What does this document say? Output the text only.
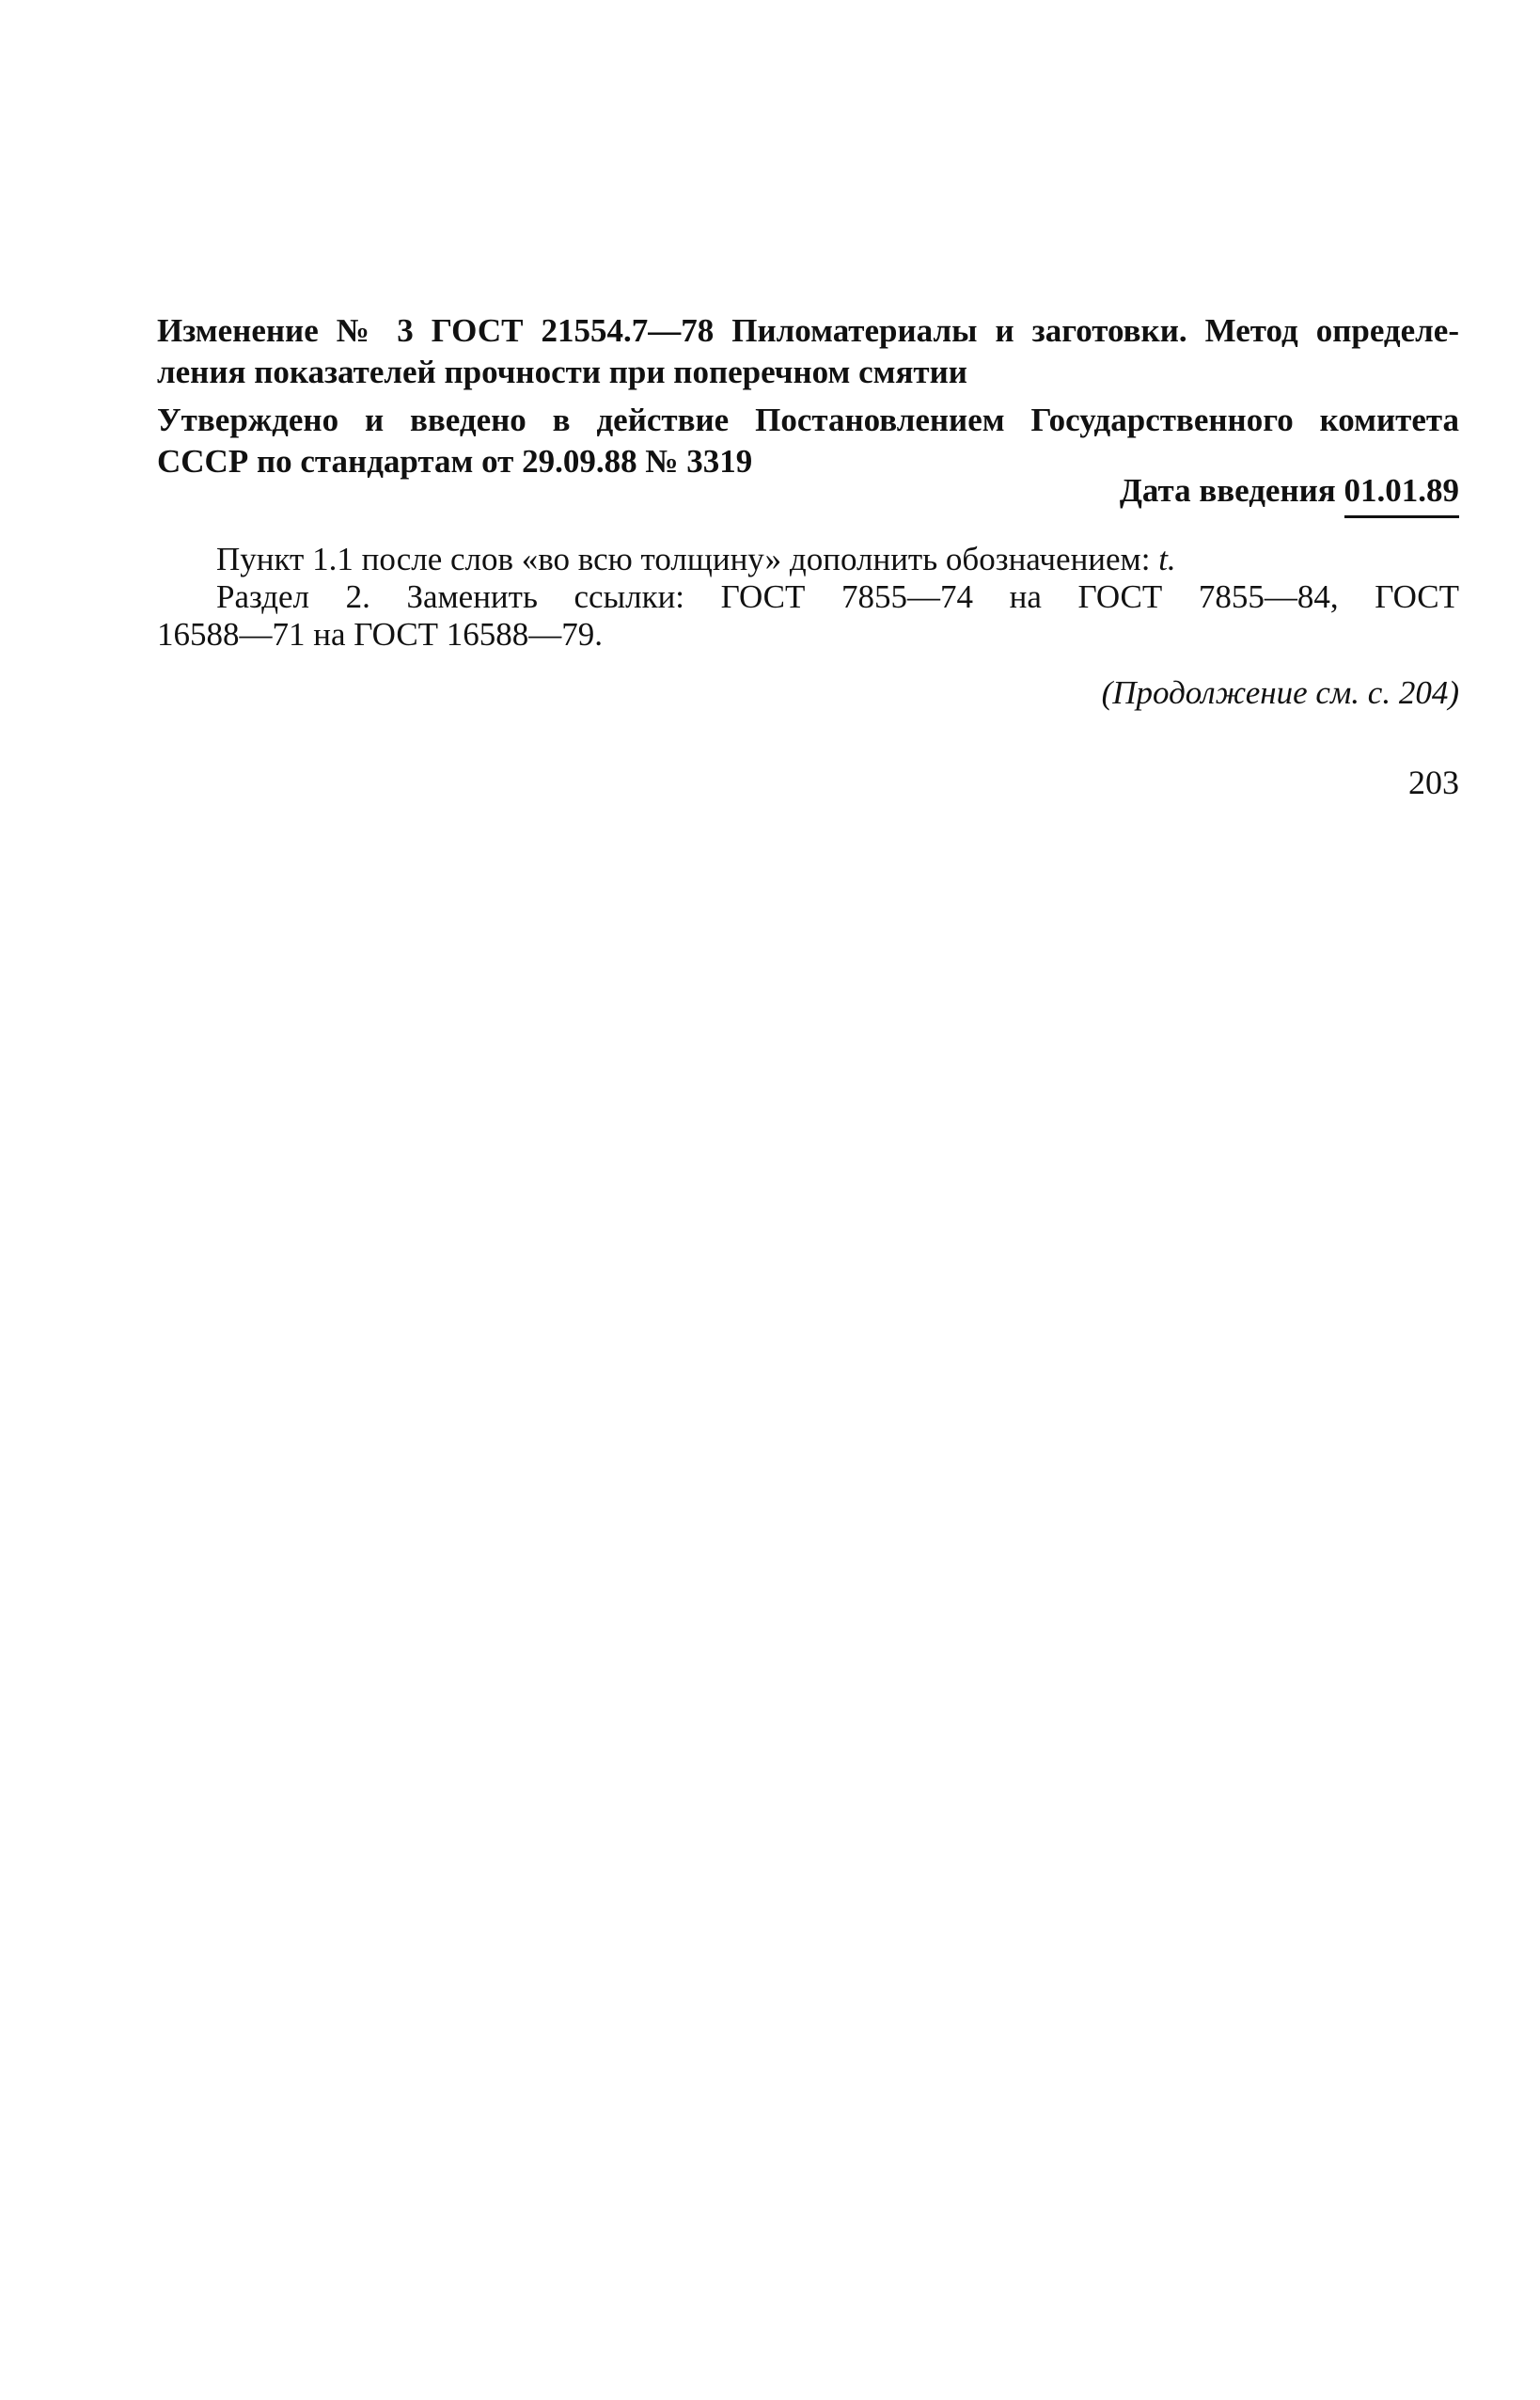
Изменение № 3 ГОСТ 21554.7—78 Пиломатериалы и заготовки. Метод определе-
ления показателей прочности при поперечном смятии
Утверждено и введено в действие Постановлением Государственного комитета
СССР по стандартам от 29.09.88 № 3319
Дата введения 01.01.89
Пункт 1.1 после слов «во всю толщину» дополнить обозначением: t.
Раздел 2. Заменить ссылки: ГОСТ 7855—74 на ГОСТ 7855—84, ГОСТ
16588—71 на ГОСТ 16588—79.
(Продолжение см. с. 204)
203
